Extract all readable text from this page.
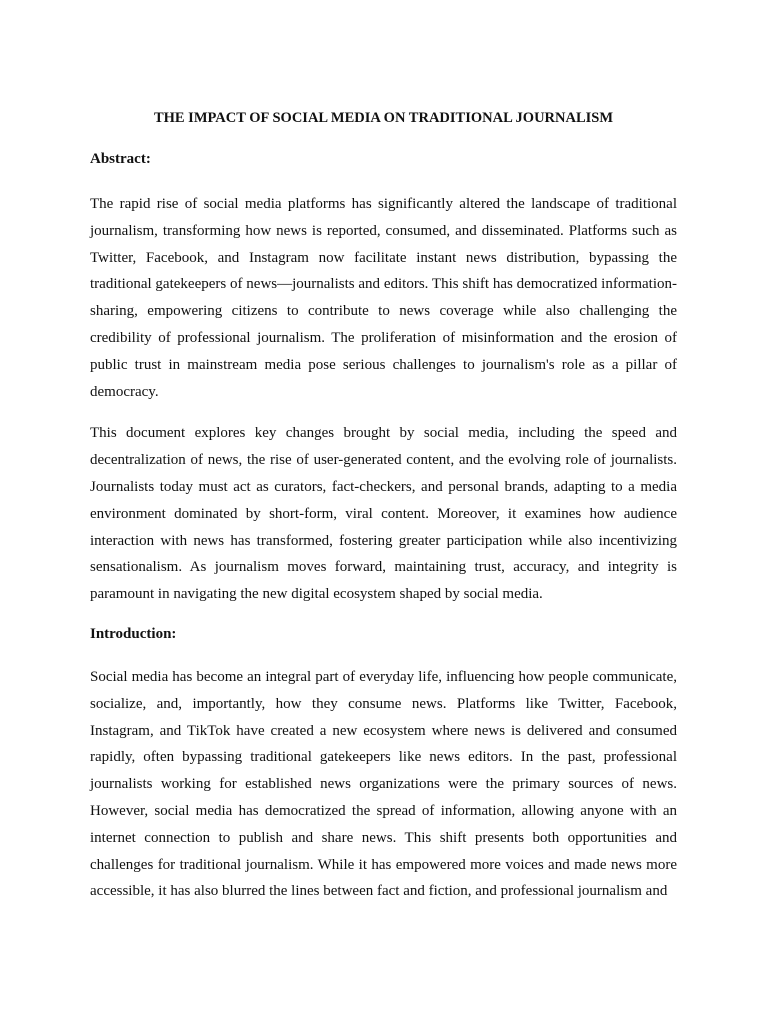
THE IMPACT OF SOCIAL MEDIA ON TRADITIONAL JOURNALISM
Abstract:

The rapid rise of social media platforms has significantly altered the landscape of traditional journalism, transforming how news is reported, consumed, and disseminated. Platforms such as Twitter, Facebook, and Instagram now facilitate instant news distribution, bypassing the traditional gatekeepers of news—journalists and editors. This shift has democratized information-sharing, empowering citizens to contribute to news coverage while also challenging the credibility of professional journalism. The proliferation of misinformation and the erosion of public trust in mainstream media pose serious challenges to journalism's role as a pillar of democracy.

This document explores key changes brought by social media, including the speed and decentralization of news, the rise of user-generated content, and the evolving role of journalists. Journalists today must act as curators, fact-checkers, and personal brands, adapting to a media environment dominated by short-form, viral content. Moreover, it examines how audience interaction with news has transformed, fostering greater participation while also incentivizing sensationalism. As journalism moves forward, maintaining trust, accuracy, and integrity is paramount in navigating the new digital ecosystem shaped by social media.

Introduction:

Social media has become an integral part of everyday life, influencing how people communicate, socialize, and, importantly, how they consume news. Platforms like Twitter, Facebook, Instagram, and TikTok have created a new ecosystem where news is delivered and consumed rapidly, often bypassing traditional gatekeepers like news editors. In the past, professional journalists working for established news organizations were the primary sources of news. However, social media has democratized the spread of information, allowing anyone with an internet connection to publish and share news. This shift presents both opportunities and challenges for traditional journalism. While it has empowered more voices and made news more accessible, it has also blurred the lines between fact and fiction, and professional journalism and
